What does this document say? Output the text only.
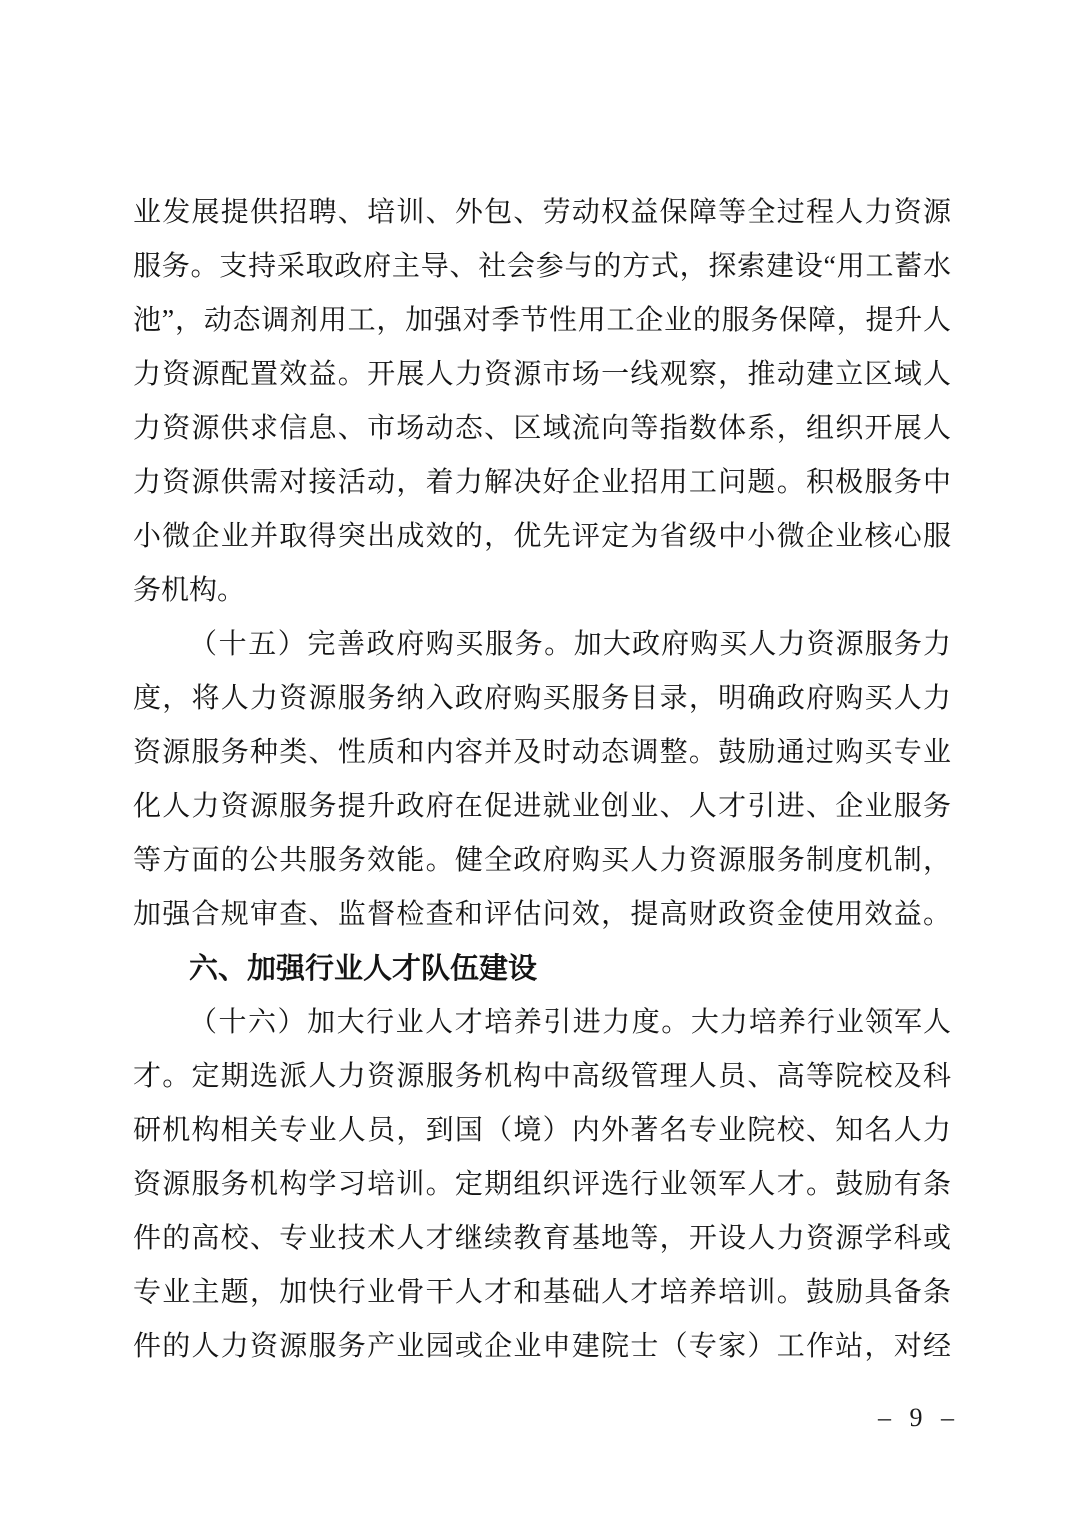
业发展提供招聘、培训、外包、劳动权益保障等全过程人力资源
服务。支持采取政府主导、社会参与的方式，探索建设“用工蓄水
池”，动态调剂用工，加强对季节性用工企业的服务保障，提升人
力资源配置效益。开展人力资源市场一线观察，推动建立区域人
力资源供求信息、市场动态、区域流向等指数体系，组织开展人
力资源供需对接活动，着力解决好企业招用工问题。积极服务中
小微企业并取得突出成效的，优先评定为省级中小微企业核心服
务机构。
（十五）完善政府购买服务。加大政府购买人力资源服务力
度，将人力资源服务纳入政府购买服务目录，明确政府购买人力
资源服务种类、性质和内容并及时动态调整。鼓励通过购买专业
化人力资源服务提升政府在促进就业创业、人才引进、企业服务
等方面的公共服务效能。健全政府购买人力资源服务制度机制，
加强合规审查、监督检查和评估问效，提高财政资金使用效益。
六、加强行业人才队伍建设
（十六）加大行业人才培养引进力度。大力培养行业领军人
才。定期选派人力资源服务机构中高级管理人员、高等院校及科
研机构相关专业人员，到国（境）内外著名专业院校、知名人力
资源服务机构学习培训。定期组织评选行业领军人才。鼓励有条
件的高校、专业技术人才继续教育基地等，开设人力资源学科或
专业主题，加快行业骨干人才和基础人才培养培训。鼓励具备条
件的人力资源服务产业园或企业申建院士（专家）工作站，对经
– 9 –
